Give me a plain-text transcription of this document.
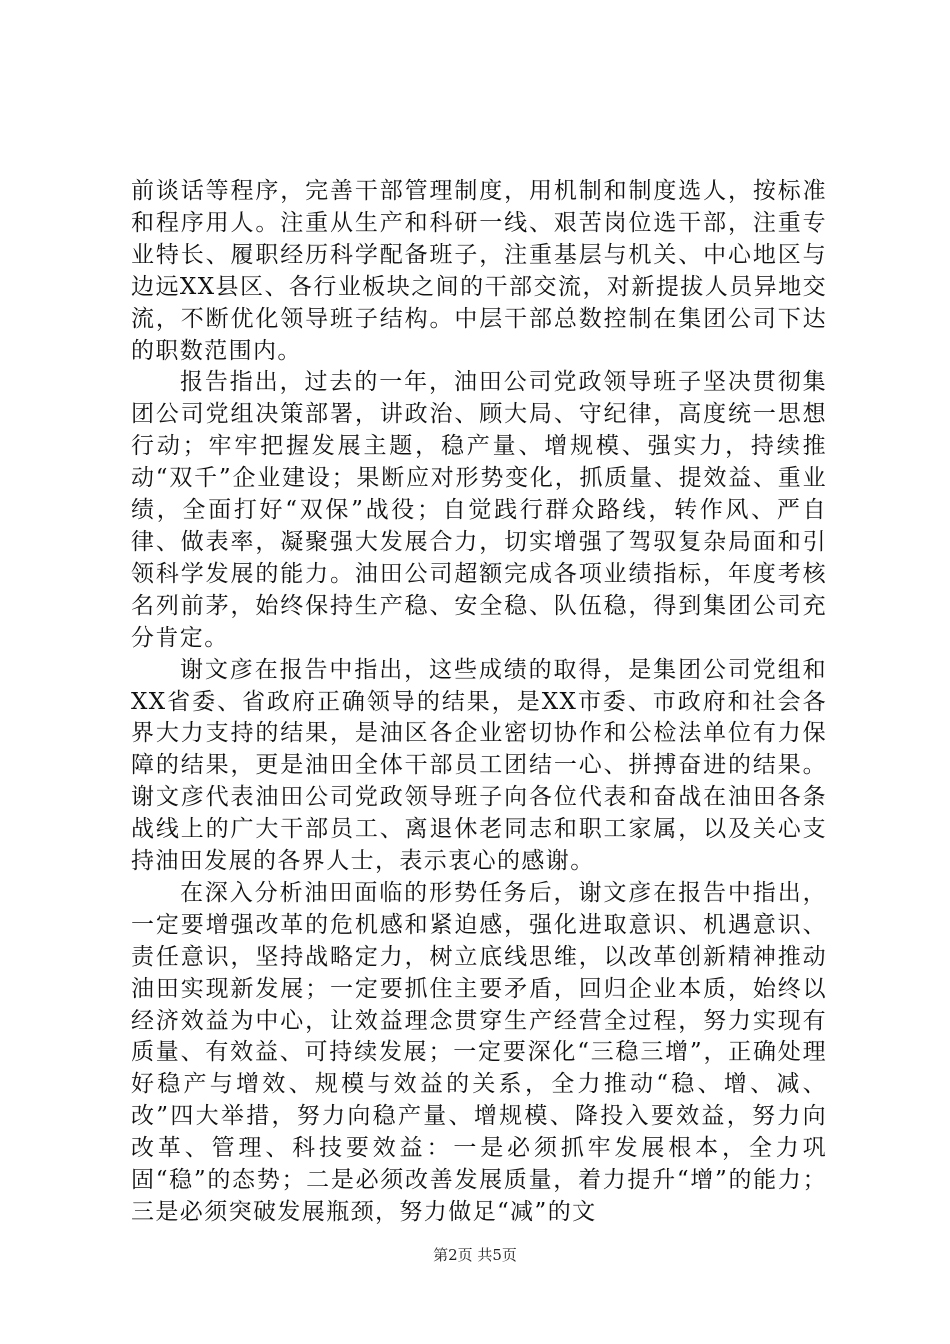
前谈话等程序，完善干部管理制度，用机制和制度选人，按标准和程序用人。注重从生产和科研一线、艰苦岗位选干部，注重专业特长、履职经历科学配备班子，注重基层与机关、中心地区与边远XX县区、各行业板块之间的干部交流，对新提拔人员异地交流，不断优化领导班子结构。中层干部总数控制在集团公司下达的职数范围内。

报告指出，过去的一年，油田公司党政领导班子坚决贯彻集团公司党组决策部署，讲政治、顾大局、守纪律，高度统一思想行动；牢牢把握发展主题，稳产量、增规模、强实力，持续推动“双千”企业建设；果断应对形势变化，抓质量、提效益、重业绩，全面打好“双保”战役；自觉践行群众路线，转作风、严自律、做表率，凝聚强大发展合力，切实增强了驾驭复杂局面和引领科学发展的能力。油田公司超额完成各项业绩指标，年度考核名列前茅，始终保持生产稳、安全稳、队伍稳，得到集团公司充分肯定。

谢文彦在报告中指出，这些成绩的取得，是集团公司党组和XX省委、省政府正确领导的结果，是XX市委、市政府和社会各界大力支持的结果，是油区各企业密切协作和公检法单位有力保障的结果，更是油田全体干部员工团结一心、拼搏奋进的结果。谢文彦代表油田公司党政领导班子向各位代表和奋战在油田各条战线上的广大干部员工、离退休老同志和职工家属，以及关心支持油田发展的各界人士，表示衷心的感谢。

在深入分析油田面临的形势任务后，谢文彦在报告中指出，一定要增强改革的危机感和紧迫感，强化进取意识、机遇意识、责任意识，坚持战略定力，树立底线思维，以改革创新精神推动油田实现新发展；一定要抓住主要矛盾，回归企业本质，始终以经济效益为中心，让效益理念贯穿生产经营全过程，努力实现有质量、有效益、可持续发展；一定要深化“三稳三增”，正确处理好稳产与增效、规模与效益的关系，全力推动“稳、增、减、改”四大举措，努力向稳产量、增规模、降投入要效益，努力向改革、管理、科技要效益：一是必须抓牢发展根本，全力巩固“稳”的态势；二是必须改善发展质量，着力提升“增”的能力；三是必须突破发展瓶颈，努力做足“减”的文

第2页 共5页
